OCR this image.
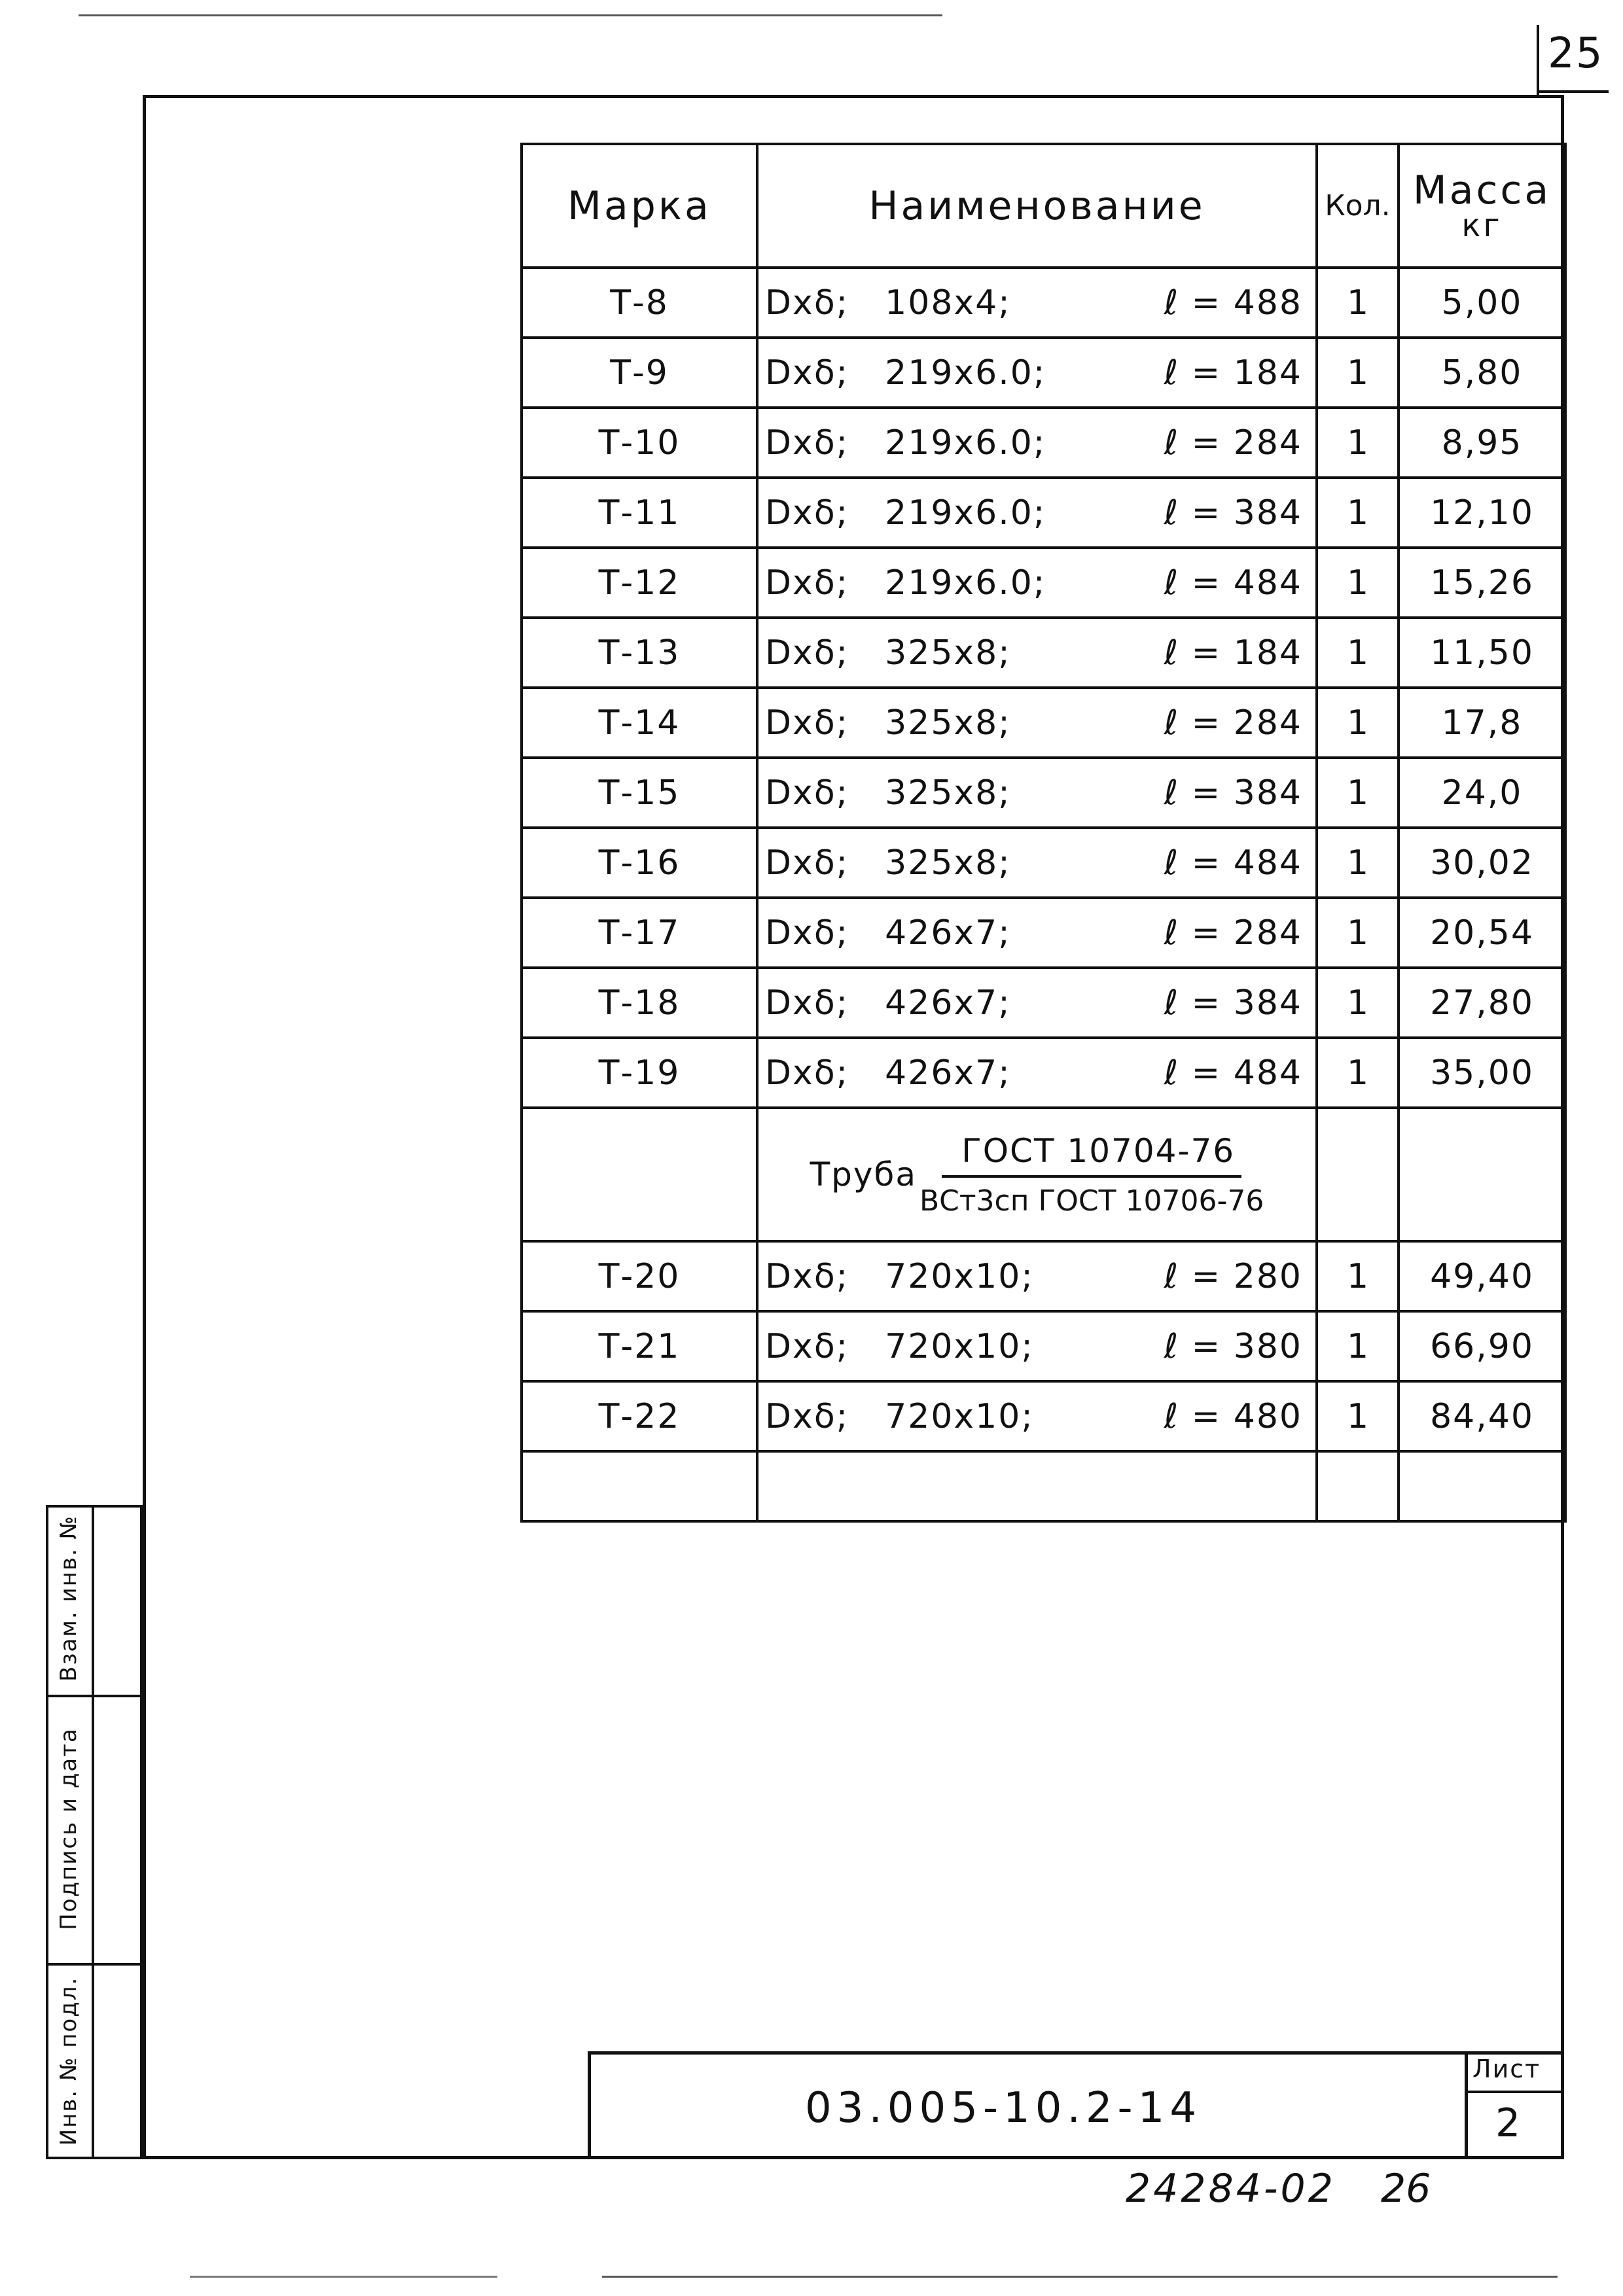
25
Марка	Наименование	Кол.	Масса
кг

Т-8	Dxδ; 108x4; ℓ = 488	1	5,00
Т-9	Dxδ; 219x6.0; ℓ = 184	1	5,80
Т-10	Dxδ; 219x6.0; ℓ = 284	1	8,95
Т-11	Dxδ; 219x6.0; ℓ = 384	1	12,10
Т-12	Dxδ; 219x6.0; ℓ = 484	1	15,26
Т-13	Dxδ; 325x8; ℓ = 184	1	11,50
Т-14	Dxδ; 325x8; ℓ = 284	1	17,8
Т-15	Dxδ; 325x8; ℓ = 384	1	24,0
Т-16	Dxδ; 325x8; ℓ = 484	1	30,02
Т-17	Dxδ; 426x7; ℓ = 284	1	20,54
Т-18	Dxδ; 426x7; ℓ = 384	1	27,80
Т-19	Dxδ; 426x7; ℓ = 484	1	35,00

	Труба $\frac{\text{ГОСТ 10704-76}}{\text{ВСт3сп ГОСТ 10706-76}}$

Т-20	Dxδ; 720x10; ℓ = 280	1	49,40
Т-21	Dxδ; 720x10; ℓ = 380	1	66,90
Т-22	Dxδ; 720x10; ℓ = 480	1	84,40

Взам. инв. №
Подпись и дата
Инв. № подл.	03.005-10.2-14
Лист
2
24284-02 26
